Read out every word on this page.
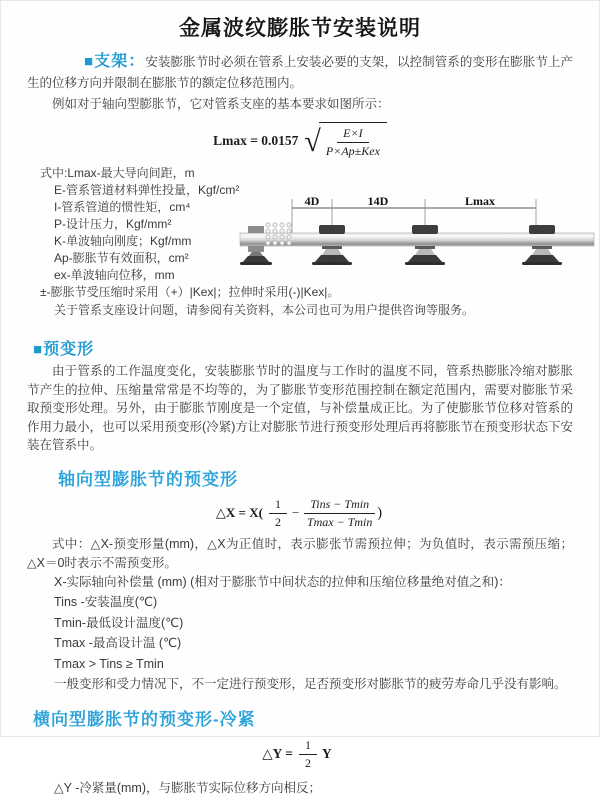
金属波纹膨胀节安装说明

■支架：安装膨胀节时必须在管系上安装必要的支架，以控制管系的变形在膨胀节上产生的位移方向并限制在膨胀节的额定位移范围内。

例如对于轴向型膨胀节，它对管系支座的基本要求如图所示：

Lmax = 0.0157 √ $\frac{E\times I}{\text{P×Ap±Kex}}$
式中:Lmax-最大导向间距，m
E-管系管道材料弹性投量，Kgf/cm²
I-管系管道的惯性矩，cm⁴
P-设计压力，Kgf/mm²
K-单波轴向刚度；Kgf/mm
Ap-膨胀节有效面积，cm²
ex-单波轴向位移，mm
±-膨胀节受压缩时采用（+）|Kex|；拉伸时采用(-)|Kex|。
关于管系支座设计问题，请参阅有关资料，本公司也可为用户提供咨询等服务。
4D	14D	Lmax
■预变形

由于管系的工作温度变化，安装膨胀节时的温度与工作时的温度不同，管系热膨胀冷缩对膨胀节产生的拉伸、压缩量常常是不均等的，为了膨胀节变形范围控制在额定范围内，需要对膨胀节采取预变形处理。另外，由于膨胀节刚度是一个定值，与补偿量成正比。为了使膨胀节位移对管系的作用力最小，也可以采用预变形(冷紧)方让对膨胀节进行预变形处理后再将膨胀节在预变形状态下安装在管系中。

轴向型膨胀节的预变形
△X = $X( \frac{1}{2} - \frac{\text{Tins − Tmin}}{Tmax - Tmin}$ )

式中：△X-预变形量(mm)，△X为正值时，表示膨张节需预拉伸；为负值时，表示需预压缩；△X＝0时表示不需预变形。

X-实际轴向补偿量 (mm) (相对于膨胀节中间状态的拉伸和压缩位移量绝对值之和)：
Tins -安装温度(℃)
Tmin-最低设计温度(℃)
Tmax -最高设计温 (℃)
Tmax > Tins ≥ Tmin
一般变形和受力情况下，不一定进行预变形，足否预变形对膨胀节的疲劳寿命几乎没有影响。
横向型膨胀节的预变形-冷紧
△Y = $\frac{1}{2}$ Y
△Y -冷紧量(mm)，与膨胀节实际位移方向相反；
